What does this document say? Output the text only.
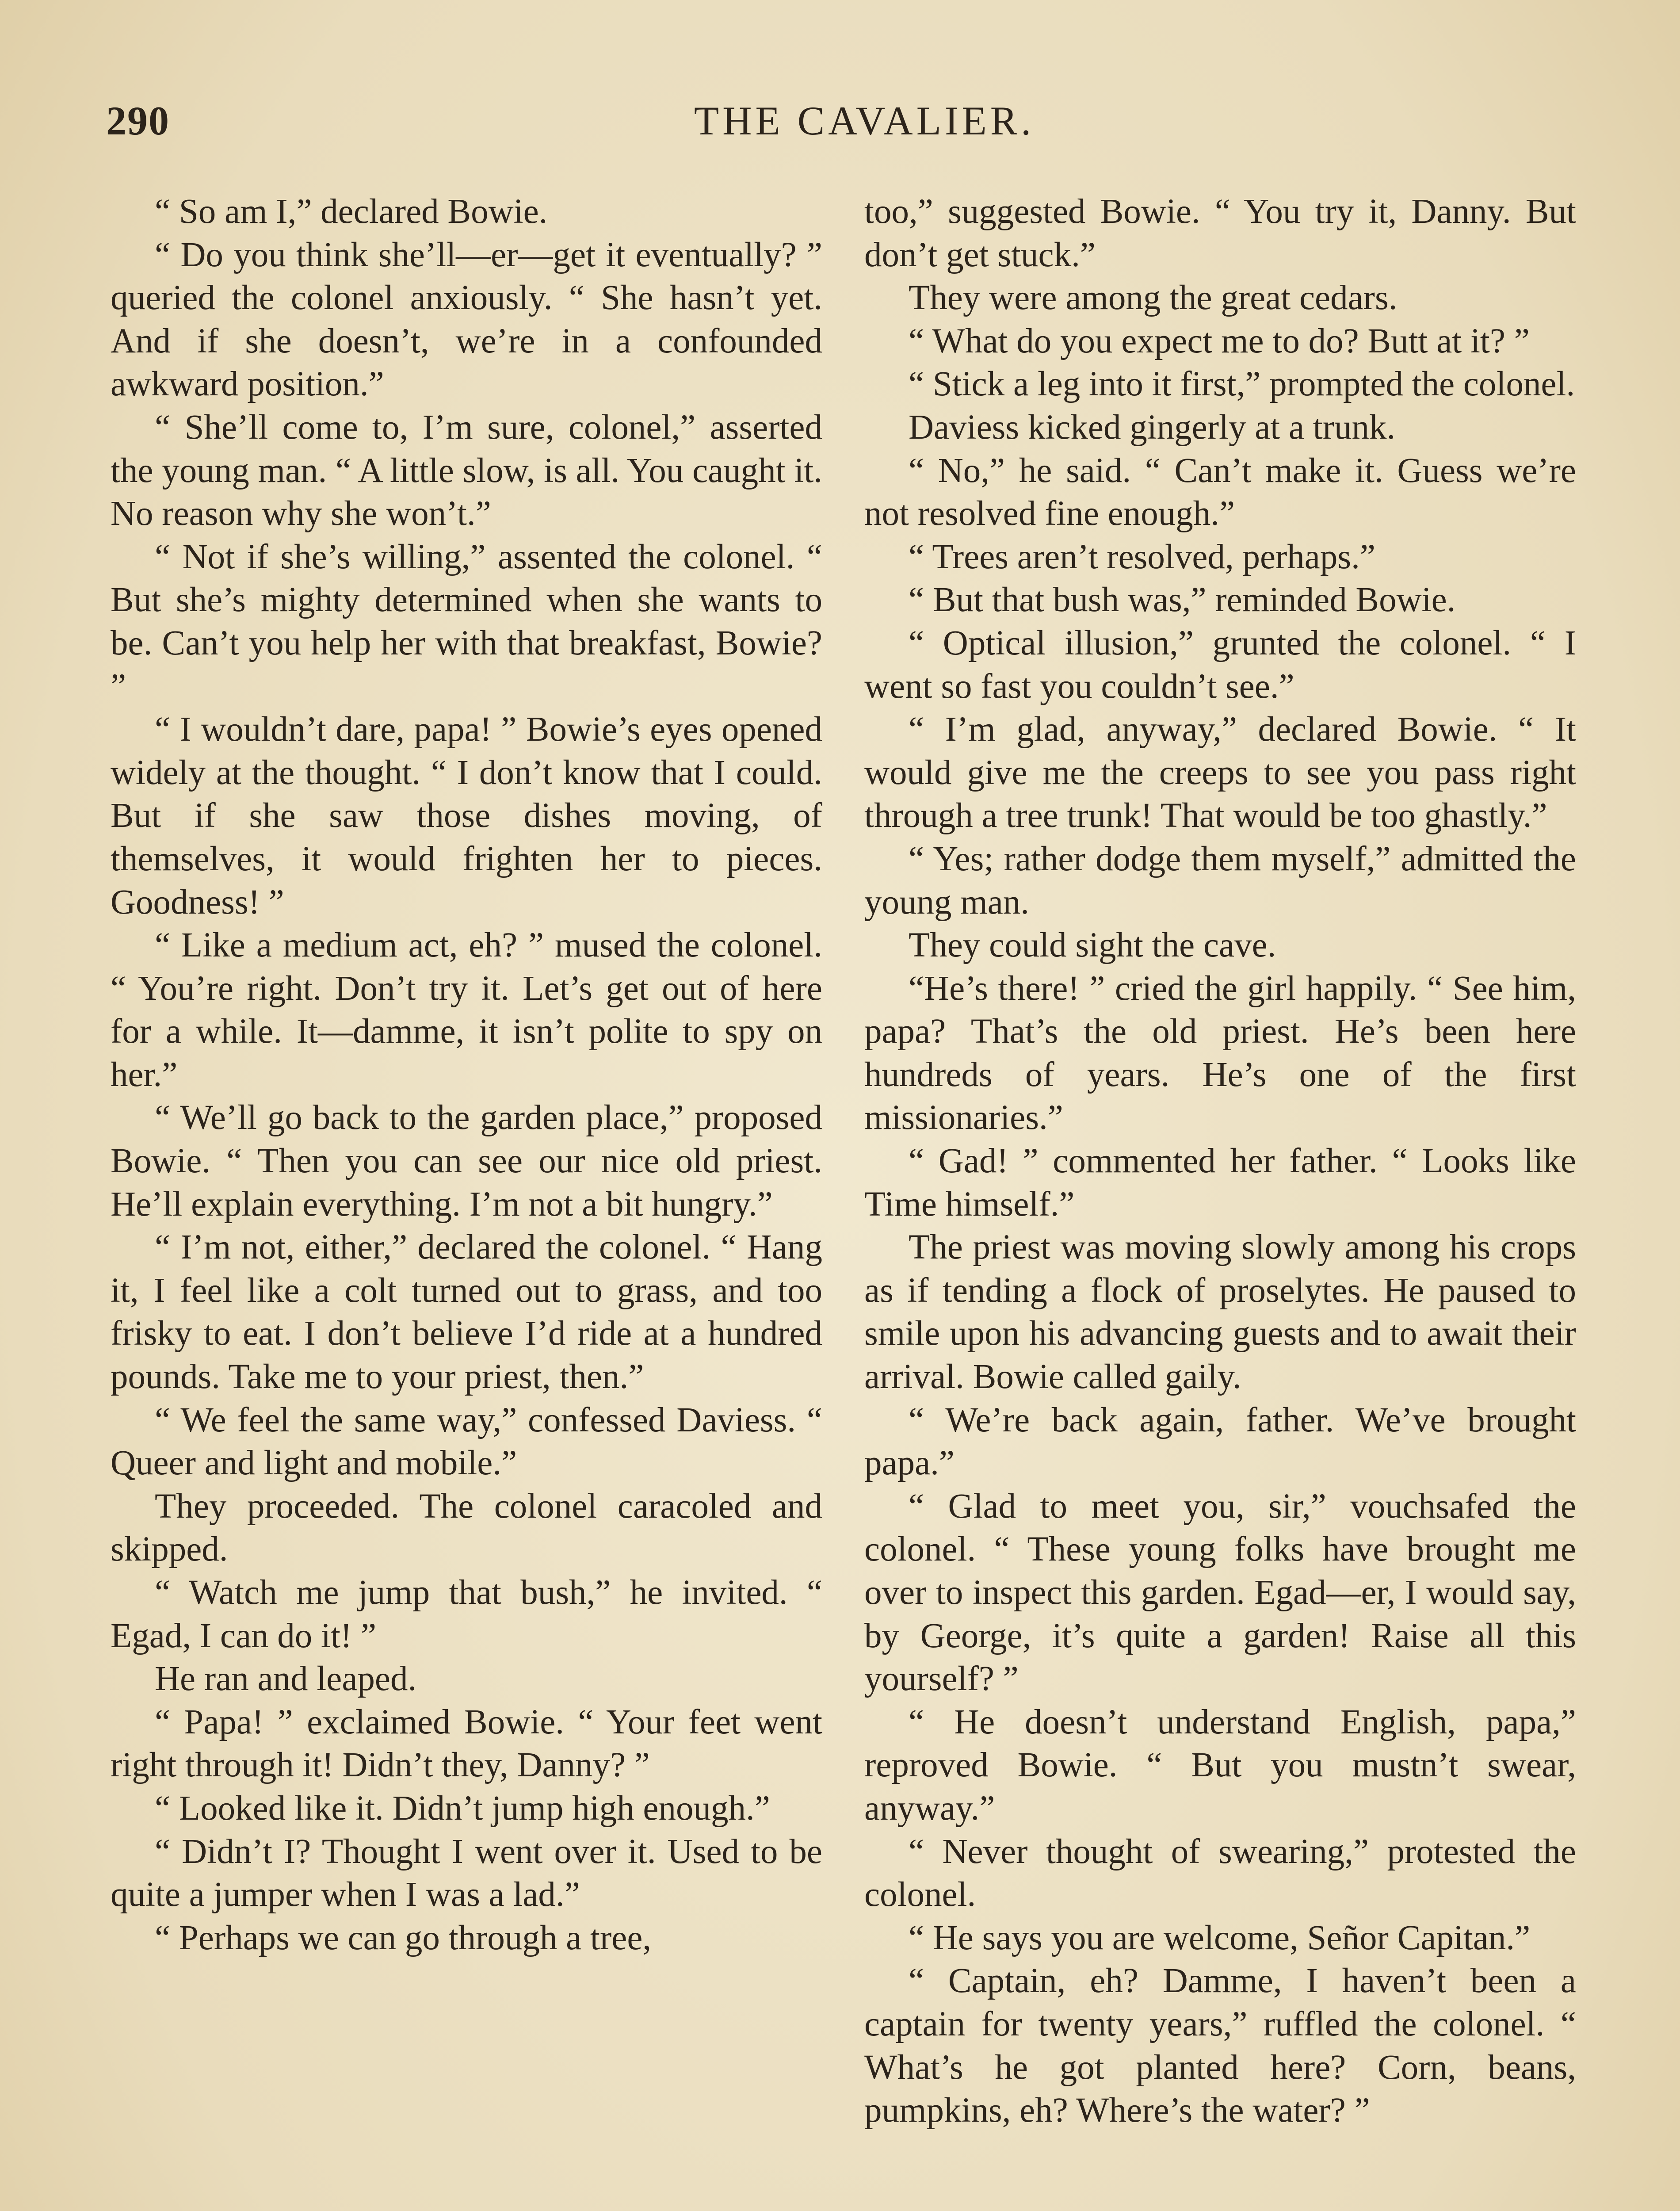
290	THE CAVALIER.

“ So am I,” declared Bowie.

“ Do you think she’ll—er—get it eventually? ” queried the colonel anxiously. “ She hasn’t yet. And if she doesn’t, we’re in a confounded awkward position.”

“ She’ll come to, I’m sure, colonel,” asserted the young man. “ A little slow, is all. You caught it. No reason why she won’t.”

“ Not if she’s willing,” assented the colonel. “ But she’s mighty determined when she wants to be. Can’t you help her with that breakfast, Bowie? ”

“ I wouldn’t dare, papa! ” Bowie’s eyes opened widely at the thought. “ I don’t know that I could. But if she saw those dishes moving, of themselves, it would frighten her to pieces. Goodness! ”

“ Like a medium act, eh? ” mused the colonel. “ You’re right. Don’t try it. Let’s get out of here for a while. It—damme, it isn’t polite to spy on her.”

“ We’ll go back to the garden place,” proposed Bowie. “ Then you can see our nice old priest. He’ll explain everything. I’m not a bit hungry.”

“ I’m not, either,” declared the colonel. “ Hang it, I feel like a colt turned out to grass, and too frisky to eat. I don’t believe I’d ride at a hundred pounds. Take me to your priest, then.”

“ We feel the same way,” confessed Daviess. “ Queer and light and mobile.”

They proceeded. The colonel caracoled and skipped.

“ Watch me jump that bush,” he invited. “ Egad, I can do it! ”

He ran and leaped.

“ Papa! ” exclaimed Bowie. “ Your feet went right through it! Didn’t they, Danny? ”

“ Looked like it. Didn’t jump high enough.”

“ Didn’t I? Thought I went over it. Used to be quite a jumper when I was a lad.”

“ Perhaps we can go through a tree,

too,” suggested Bowie. “ You try it, Danny. But don’t get stuck.”

They were among the great cedars.

“ What do you expect me to do? Butt at it? ”

“ Stick a leg into it first,” prompted the colonel.

Daviess kicked gingerly at a trunk.

“ No,” he said. “ Can’t make it. Guess we’re not resolved fine enough.”

“ Trees aren’t resolved, perhaps.”

“ But that bush was,” reminded Bowie.

“ Optical illusion,” grunted the colonel. “ I went so fast you couldn’t see.”

“ I’m glad, anyway,” declared Bowie. “ It would give me the creeps to see you pass right through a tree trunk! That would be too ghastly.”

“ Yes; rather dodge them myself,” admitted the young man.

They could sight the cave.

“He’s there! ” cried the girl happily. “ See him, papa? That’s the old priest. He’s been here hundreds of years. He’s one of the first missionaries.”

“ Gad! ” commented her father. “ Looks like Time himself.”

The priest was moving slowly among his crops as if tending a flock of proselytes. He paused to smile upon his advancing guests and to await their arrival. Bowie called gaily.

“ We’re back again, father. We’ve brought papa.”

“ Glad to meet you, sir,” vouchsafed the colonel. “ These young folks have brought me over to inspect this garden. Egad—er, I would say, by George, it’s quite a garden! Raise all this yourself? ”

“ He doesn’t understand English, papa,” reproved Bowie. “ But you mustn’t swear, anyway.”

“ Never thought of swearing,” protested the colonel.

“ He says you are welcome, Señor Capitan.”

“ Captain, eh? Damme, I haven’t been a captain for twenty years,” ruffled the colonel. “ What’s he got planted here? Corn, beans, pumpkins, eh? Where’s the water? ”
